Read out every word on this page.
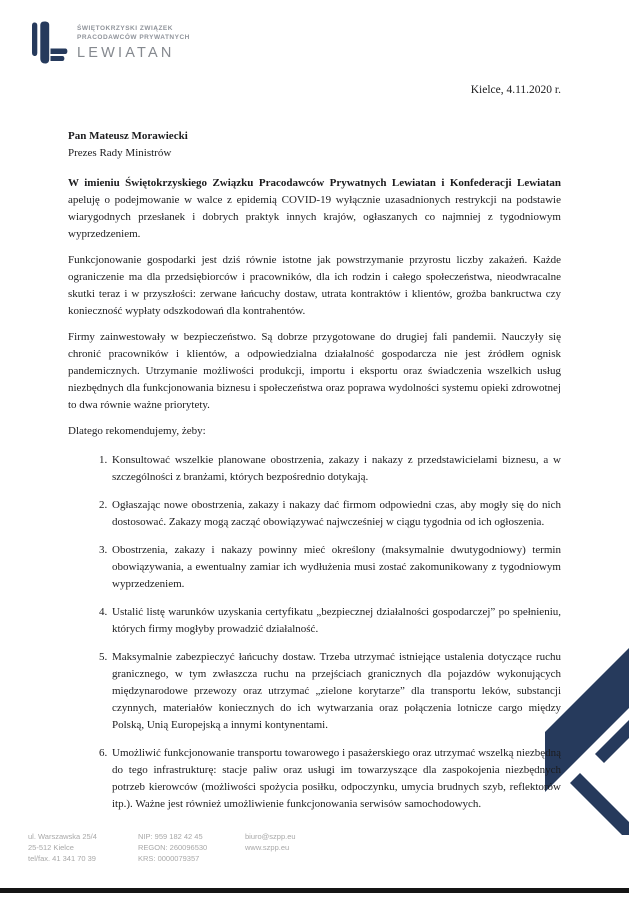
ŚWIĘTOKRZYSKI ZWIĄZEK
PRACODAWCÓW PRYWATNYCH
LEWIATAN
Kielce, 4.11.2020 r.
Pan Mateusz Morawiecki
Prezes Rady Ministrów

W imieniu Świętokrzyskiego Związku Pracodawców Prywatnych Lewiatan i Konfederacji Lewiatan apeluję o podejmowanie w walce z epidemią COVID-19 wyłącznie uzasadnionych restrykcji na podstawie wiarygodnych przesłanek i dobrych praktyk innych krajów, ogłaszanych co najmniej z tygodniowym wyprzedzeniem.

Funkcjonowanie gospodarki jest dziś równie istotne jak powstrzymanie przyrostu liczby zakażeń. Każde ograniczenie ma dla przedsiębiorców i pracowników, dla ich rodzin i całego społeczeństwa, nieodwracalne skutki teraz i w przyszłości: zerwane łańcuchy dostaw, utrata kontraktów i klientów, groźba bankructwa czy konieczność wypłaty odszkodowań dla kontrahentów.

Firmy zainwestowały w bezpieczeństwo. Są dobrze przygotowane do drugiej fali pandemii. Nauczyły się chronić pracowników i klientów, a odpowiedzialna działalność gospodarcza nie jest źródłem ognisk pandemicznych. Utrzymanie możliwości produkcji, importu i eksportu oraz świadczenia wszelkich usług niezbędnych dla funkcjonowania biznesu i społeczeństwa oraz poprawa wydolności systemu opieki zdrowotnej to dwa równie ważne priorytety.

Dlatego rekomendujemy, żeby:

1. Konsultować wszelkie planowane obostrzenia, zakazy i nakazy z przedstawicielami biznesu, a w szczególności z branżami, których bezpośrednio dotykają.
2. Ogłaszając nowe obostrzenia, zakazy i nakazy dać firmom odpowiedni czas, aby mogły się do nich dostosować. Zakazy mogą zacząć obowiązywać najwcześniej w ciągu tygodnia od ich ogłoszenia.
3. Obostrzenia, zakazy i nakazy powinny mieć określony (maksymalnie dwutygodniowy) termin obowiązywania, a ewentualny zamiar ich wydłużenia musi zostać zakomunikowany z tygodniowym wyprzedzeniem.
4. Ustalić listę warunków uzyskania certyfikatu „bezpiecznej działalności gospodarczej” po spełnieniu, których firmy mogłyby prowadzić działalność.
5. Maksymalnie zabezpieczyć łańcuchy dostaw. Trzeba utrzymać istniejące ustalenia dotyczące ruchu granicznego, w tym zwłaszcza ruchu na przejściach granicznych dla pojazdów wykonujących międzynarodowe przewozy oraz utrzymać „zielone korytarze” dla transportu leków, substancji czynnych, materiałów koniecznych do ich wytwarzania oraz połączenia lotnicze cargo między Polską, Unią Europejską a innymi kontynentami.
6. Umożliwić funkcjonowanie transportu towarowego i pasażerskiego oraz utrzymać wszelką niezbędną do tego infrastrukturę: stacje paliw oraz usługi im towarzyszące dla zaspokojenia niezbędnych potrzeb kierowców (możliwości spożycia posiłku, odpoczynku, umycia brudnych szyb, reflektorów itp.). Ważne jest również umożliwienie funkcjonowania serwisów samochodowych.
ul. Warszawska 25/4
25-512 Kielce
tel/fax. 41 341 70 39
NIP: 959 182 42 45
REGON: 260096530
KRS: 0000079357
biuro@szpp.eu
www.szpp.eu
